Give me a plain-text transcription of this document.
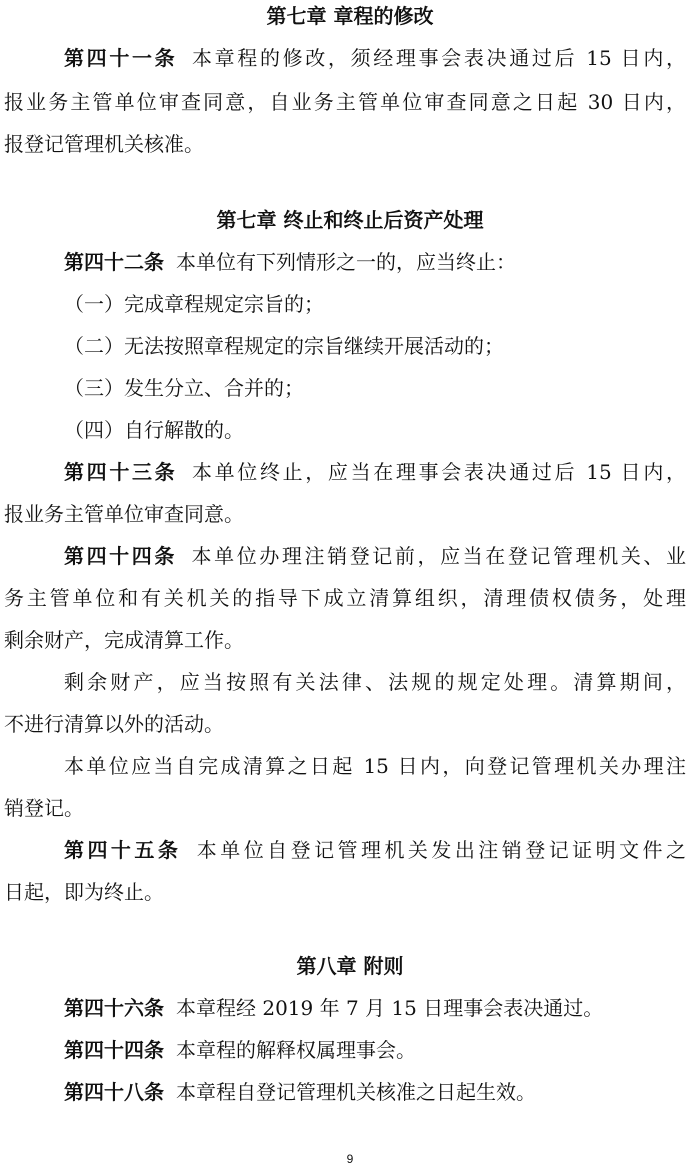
第七章 章程的修改

第四十一条 本章程的修改，须经理事会表决通过后 15 日内，

报业务主管单位审查同意，自业务主管单位审查同意之日起 30 日内，

报登记管理机关核准。

第七章 终止和终止后资产处理

第四十二条 本单位有下列情形之一的，应当终止：

（一）完成章程规定宗旨的；

（二）无法按照章程规定的宗旨继续开展活动的；

（三）发生分立、合并的；

（四）自行解散的。

第四十三条 本单位终止，应当在理事会表决通过后 15 日内，

报业务主管单位审查同意。

第四十四条 本单位办理注销登记前，应当在登记管理机关、业

务主管单位和有关机关的指导下成立清算组织，清理债权债务，处理

剩余财产，完成清算工作。

剩余财产，应当按照有关法律、法规的规定处理。清算期间，

不进行清算以外的活动。

本单位应当自完成清算之日起 15 日内，向登记管理机关办理注

销登记。

第四十五条 本单位自登记管理机关发出注销登记证明文件之

日起，即为终止。

第八章 附则

第四十六条 本章程经 2019 年 7 月 15 日理事会表决通过。

第四十四条 本章程的解释权属理事会。

第四十八条 本章程自登记管理机关核准之日起生效。

9
